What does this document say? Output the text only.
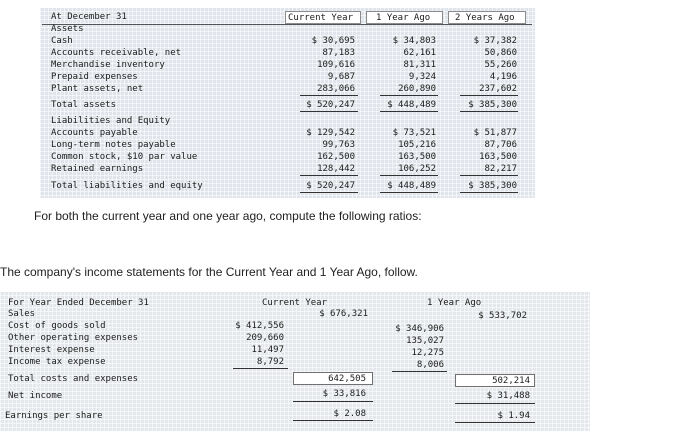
At December 31	Current Year	1 Year Ago	2 Years Ago
Assets
Cash	$ 30,695	$ 34,803	$ 37,382
Accounts receivable, net	87,183	62,161	50,860
Merchandise inventory	109,616	81,311	55,260
Prepaid expenses	9,687	9,324	4,196
Plant assets, net	283,066	260,890	237,602
Total assets	$ 520,247	$ 448,489	$ 385,300
Liabilities and Equity
Accounts payable	$ 129,542	$ 73,521	$ 51,877
Long-term notes payable	99,763	105,216	87,706
Common stock, $10 par value	162,500	163,500	163,500
Retained earnings	128,442	106,252	82,217
Total liabilities and equity	$ 520,247	$ 448,489	$ 385,300
For both the current year and one year ago, compute the following ratios:
The company's income statements for the Current Year and 1 Year Ago, follow.
For Year Ended December 31	Current Year	1 Year Ago
Sales	$ 676,321	$ 533,702
Cost of goods sold	$ 412,556	$ 346,906
Other operating expenses	209,660	135,027
Interest expense	11,497	12,275
Income tax expense	8,792	8,006
Total costs and expenses	642,505	502,214
Net income	$ 33,816	$ 31,488
Earnings per share	$ 2.08	$ 1.94
